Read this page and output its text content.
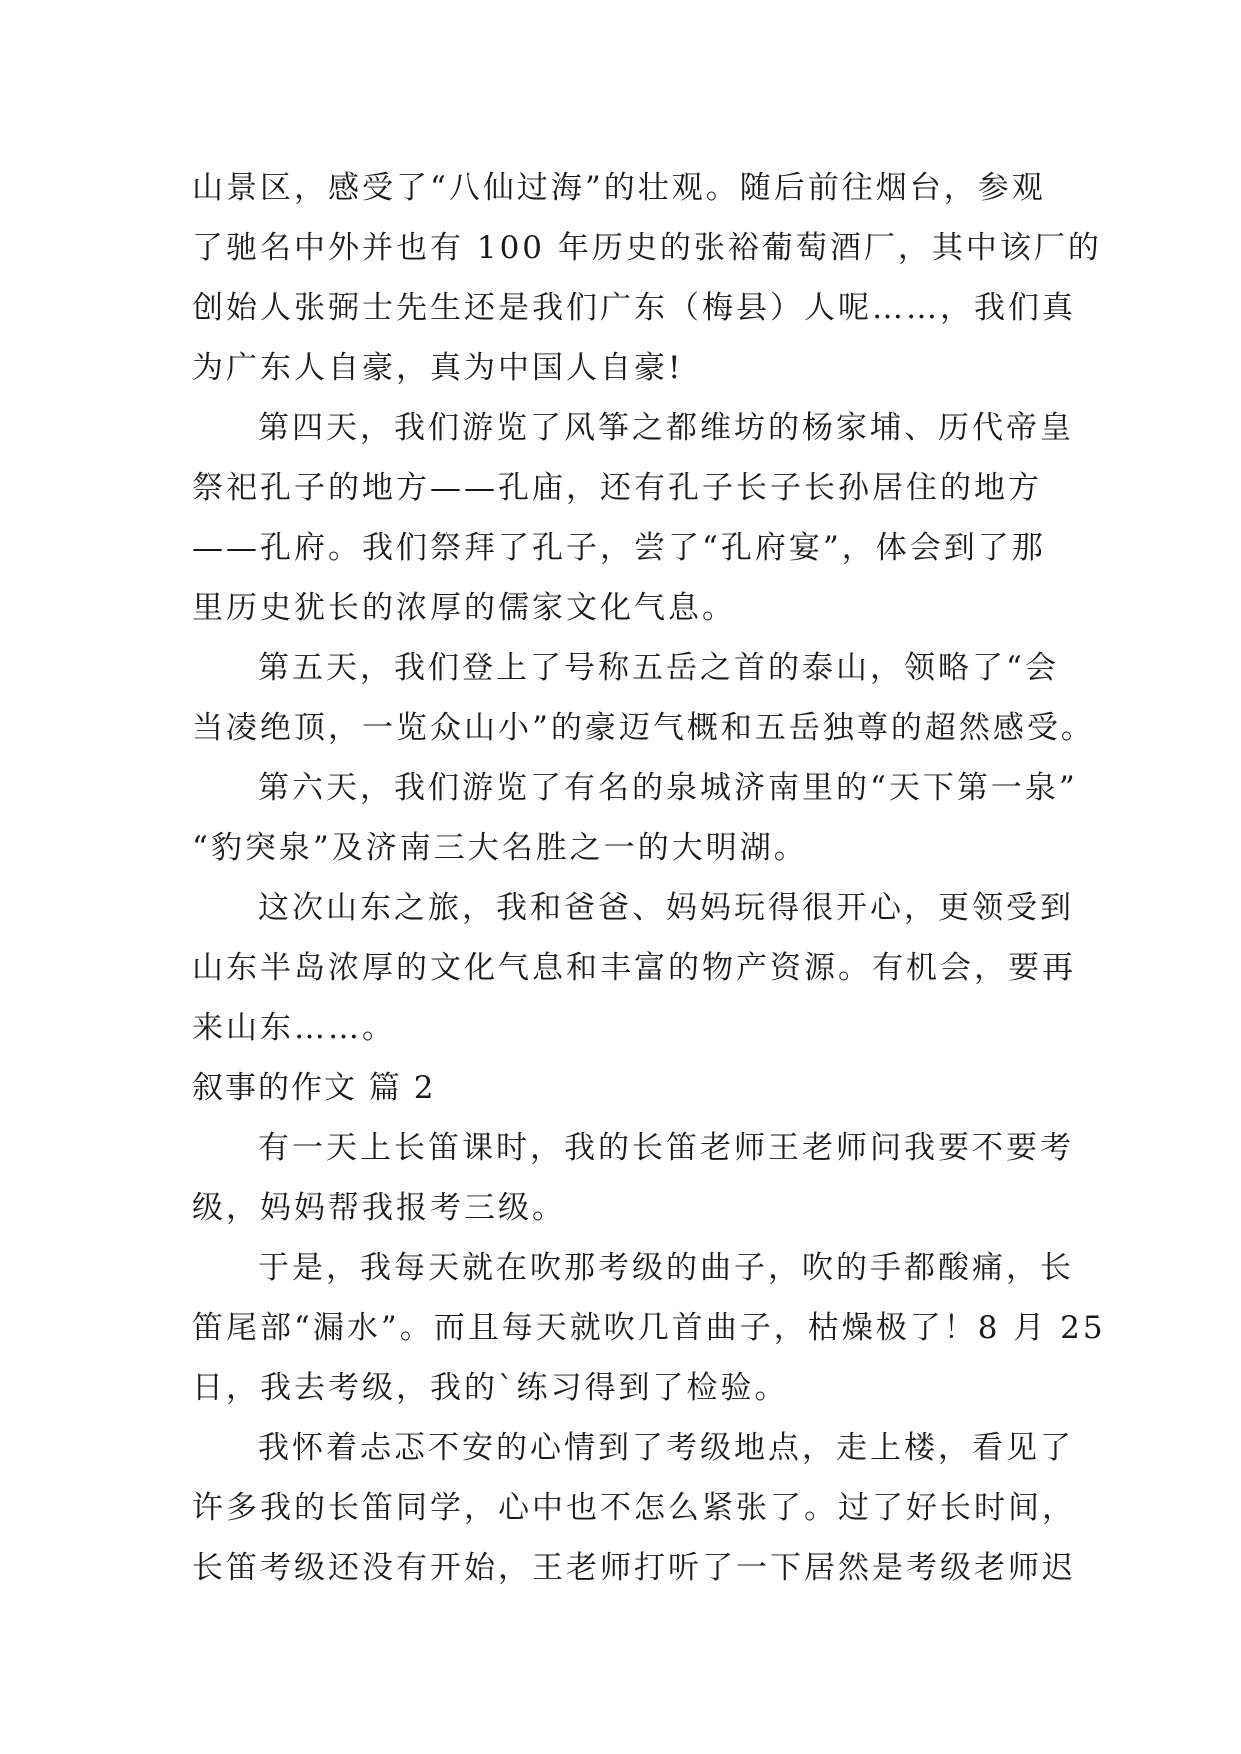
山景区，感受了“八仙过海”的壮观。随后前往烟台，参观
了驰名中外并也有 100 年历史的张裕葡萄酒厂，其中该厂的
创始人张弼士先生还是我们广东（梅县）人呢……，我们真
为广东人自豪，真为中国人自豪!
第四天，我们游览了风筝之都维坊的杨家埔、历代帝皇
祭祀孔子的地方——孔庙，还有孔子长子长孙居住的地方
——孔府。我们祭拜了孔子，尝了“孔府宴”，体会到了那
里历史犹长的浓厚的儒家文化气息。
第五天，我们登上了号称五岳之首的泰山，领略了“会
当凌绝顶，一览众山小”的豪迈气概和五岳独尊的超然感受。
第六天，我们游览了有名的泉城济南里的“天下第一泉”
“豹突泉”及济南三大名胜之一的大明湖。
这次山东之旅，我和爸爸、妈妈玩得很开心，更领受到
山东半岛浓厚的文化气息和丰富的物产资源。有机会，要再
来山东……。
叙事的作文 篇 2
有一天上长笛课时，我的长笛老师王老师问我要不要考
级，妈妈帮我报考三级。
于是，我每天就在吹那考级的曲子，吹的手都酸痛，长
笛尾部“漏水”。而且每天就吹几首曲子，枯燥极了！8 月 25
日，我去考级，我的`练习得到了检验。
我怀着忐忑不安的心情到了考级地点，走上楼，看见了
许多我的长笛同学，心中也不怎么紧张了。过了好长时间，
长笛考级还没有开始，王老师打听了一下居然是考级老师迟
